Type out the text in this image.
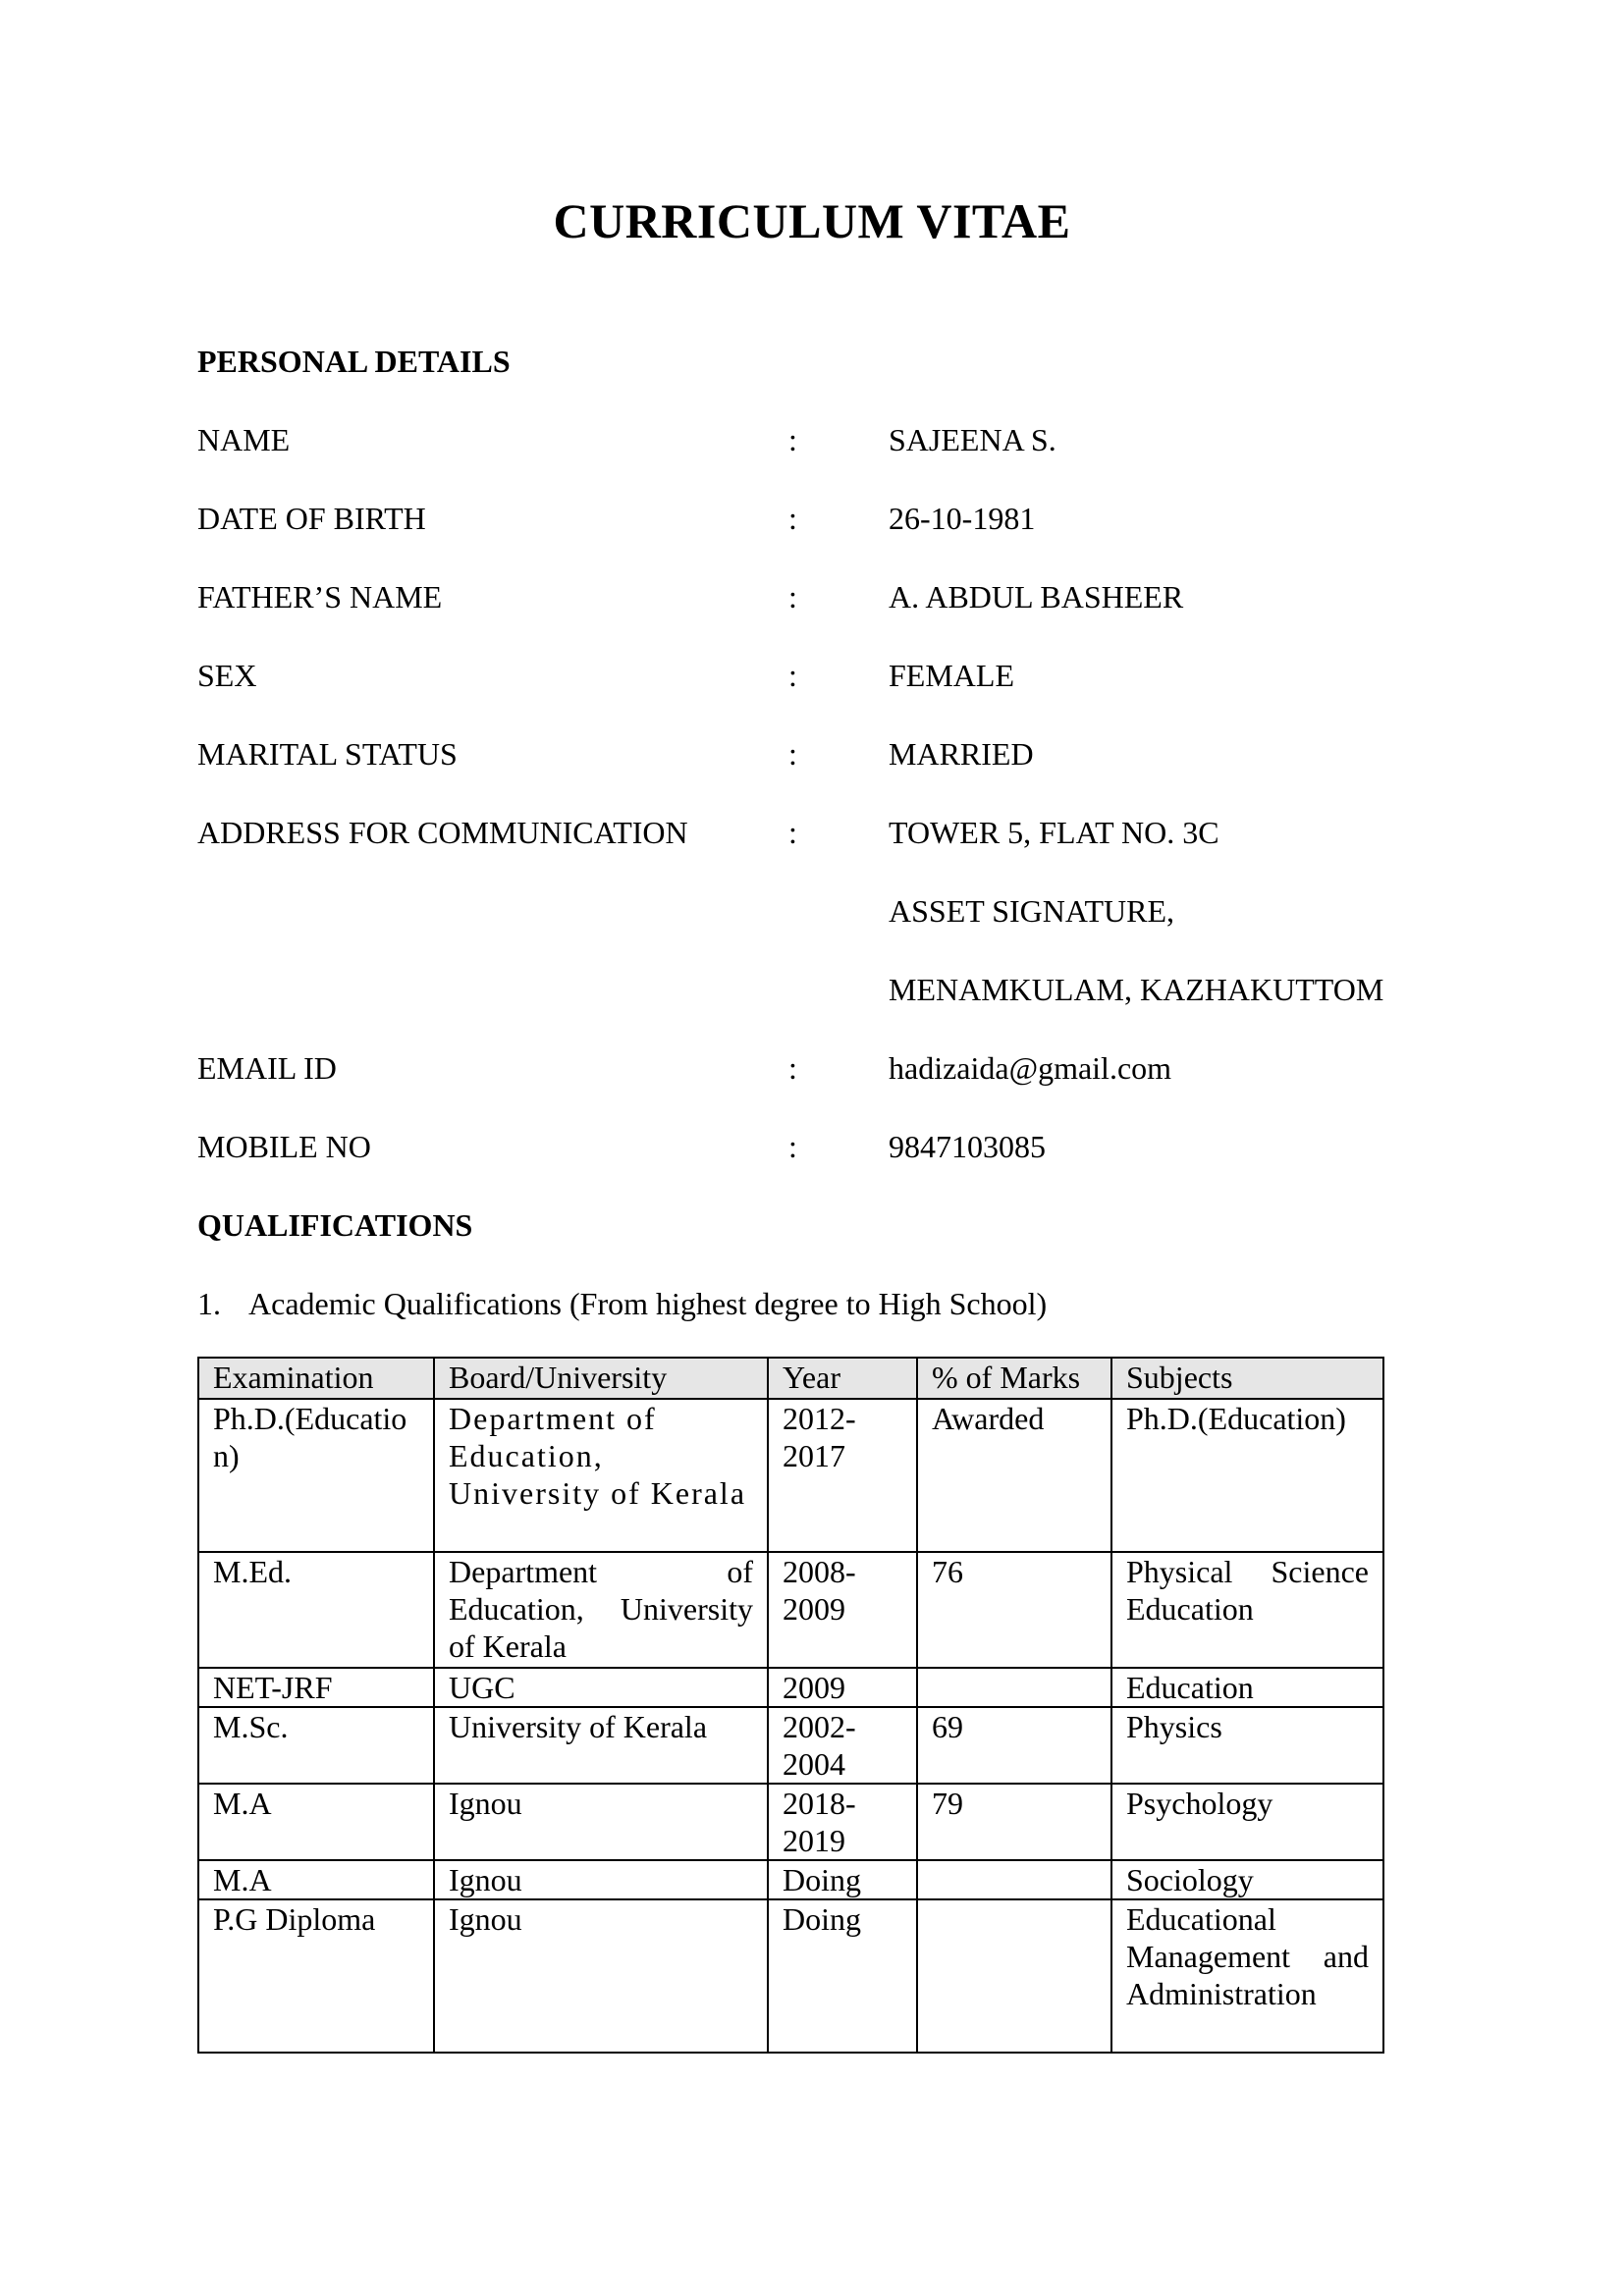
CURRICULUM VITAE
PERSONAL DETAILS
NAME	:	SAJEENA S.
DATE OF BIRTH	:	26-10-1981
FATHER’S NAME	:	A. ABDUL BASHEER
SEX	:	FEMALE
MARITAL STATUS	:	MARRIED
ADDRESS FOR COMMUNICATION	:	TOWER 5, FLAT NO. 3C
ASSET SIGNATURE,
MENAMKULAM, KAZHAKUTTOM
EMAIL ID	:	hadizaida@gmail.com
MOBILE NO	:	9847103085
QUALIFICATIONS
1. Academic Qualifications (From highest degree to High School)
Examination	Board/University	Year	% of Marks	Subjects
Ph.D.(Educatio n)	Department of Education, University of Kerala	2012- 2017	Awarded	Ph.D.(Education)
M.Ed.	Department of Education, University of Kerala	2008- 2009	76	Physical Science Education
NET-JRF	UGC	2009		Education
M.Sc.	University of Kerala	2002- 2004	69	Physics
M.A	Ignou	2018- 2019	79	Psychology
M.A	Ignou	Doing		Sociology
P.G Diploma	Ignou	Doing		Educational Management and Administration
